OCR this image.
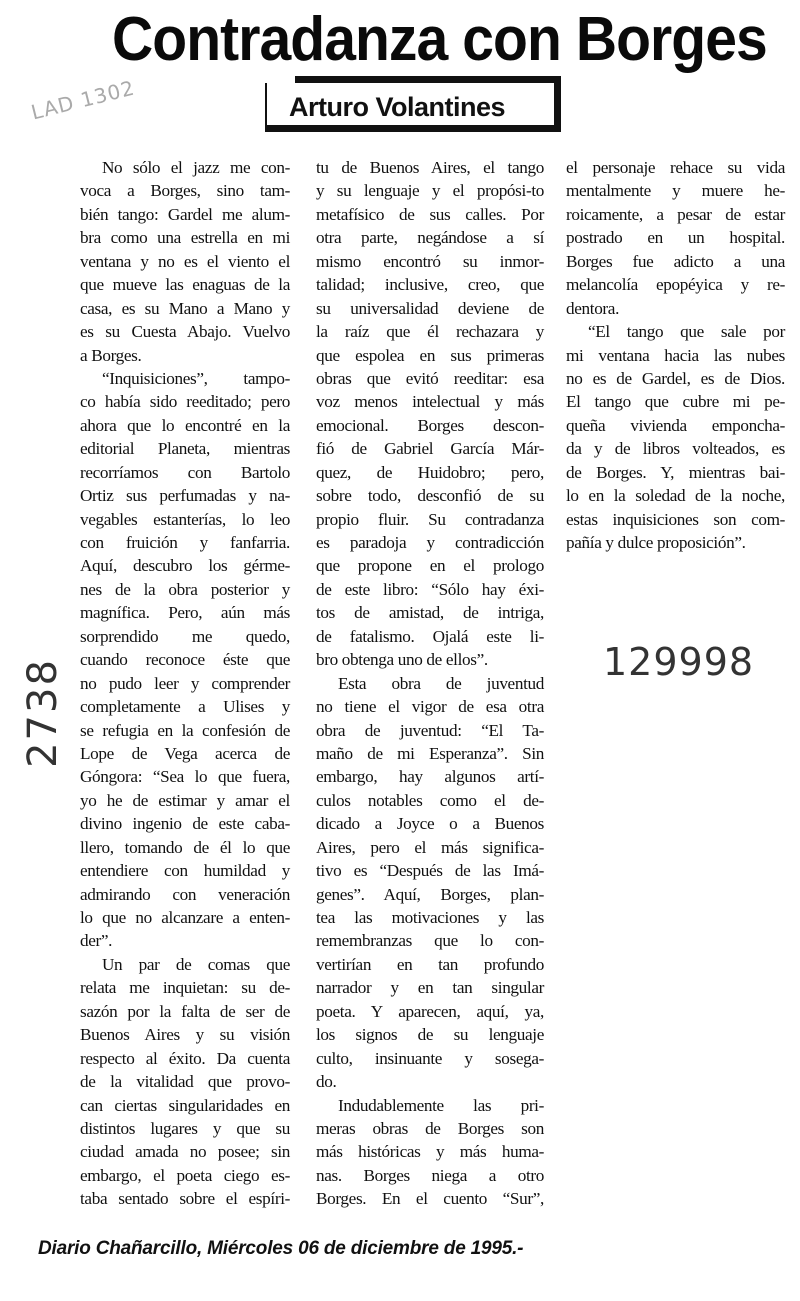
Contradanza con Borges
Arturo Volantines
LAD 1302
2738	129998
No sólo el jazz me con-
voca a Borges, sino tam-
bién tango: Gardel me alum-
bra como una estrella en mi
ventana y no es el viento el
que mueve las enaguas de la
casa, es su Mano a Mano y
es su Cuesta Abajo. Vuelvo
a Borges.
“Inquisiciones”, tampo-
co había sido reeditado; pero
ahora que lo encontré en la
editorial Planeta, mientras
recorríamos con Bartolo
Ortiz sus perfumadas y na-
vegables estanterías, lo leo
con fruición y fanfarria.
Aquí, descubro los gérme-
nes de la obra posterior y
magnífica. Pero, aún más
sorprendido me quedo,
cuando reconoce éste que
no pudo leer y comprender
completamente a Ulises y
se refugia en la confesión de
Lope de Vega acerca de
Góngora: “Sea lo que fuera,
yo he de estimar y amar el
divino ingenio de este caba-
llero, tomando de él lo que
entendiere con humildad y
admirando con veneración
lo que no alcanzare a enten-
der”.
Un par de comas que
relata me inquietan: su de-
sazón por la falta de ser de
Buenos Aires y su visión
respecto al éxito. Da cuenta
de la vitalidad que provo-
can ciertas singularidades en
distintos lugares y que su
ciudad amada no posee; sin
embargo, el poeta ciego es-
taba sentado sobre el espíri-
tu de Buenos Aires, el tango
y su lenguaje y el propósi-to
metafísico de sus calles. Por
otra parte, negándose a sí
mismo encontró su inmor-
talidad; inclusive, creo, que
su universalidad deviene de
la raíz que él rechazara y
que espolea en sus primeras
obras que evitó reeditar: esa
voz menos intelectual y más
emocional. Borges descon-
fió de Gabriel García Már-
quez, de Huidobro; pero,
sobre todo, desconfió de su
propio fluir. Su contradanza
es paradoja y contradicción
que propone en el prologo
de este libro: “Sólo hay éxi-
tos de amistad, de intriga,
de fatalismo. Ojalá este li-
bro obtenga uno de ellos”.
Esta obra de juventud
no tiene el vigor de esa otra
obra de juventud: “El Ta-
maño de mi Esperanza”. Sin
embargo, hay algunos artí-
culos notables como el de-
dicado a Joyce o a Buenos
Aires, pero el más significa-
tivo es “Después de las Imá-
genes”. Aquí, Borges, plan-
tea las motivaciones y las
remembranzas que lo con-
vertirían en tan profundo
narrador y en tan singular
poeta. Y aparecen, aquí, ya,
los signos de su lenguaje
culto, insinuante y sosega-
do.
Indudablemente las pri-
meras obras de Borges son
más históricas y más huma-
nas. Borges niega a otro
Borges. En el cuento “Sur”,
el personaje rehace su vida
mentalmente y muere he-
roicamente, a pesar de estar
postrado en un hospital.
Borges fue adicto a una
melancolía epopéyica y re-
dentora.
“El tango que sale por
mi ventana hacia las nubes
no es de Gardel, es de Dios.
El tango que cubre mi pe-
queña vivienda emponcha-
da y de libros volteados, es
de Borges. Y, mientras bai-
lo en la soledad de la noche,
estas inquisiciones son com-
pañía y dulce proposición”.
Diario Chañarcillo, Miércoles 06 de diciembre de 1995.-
